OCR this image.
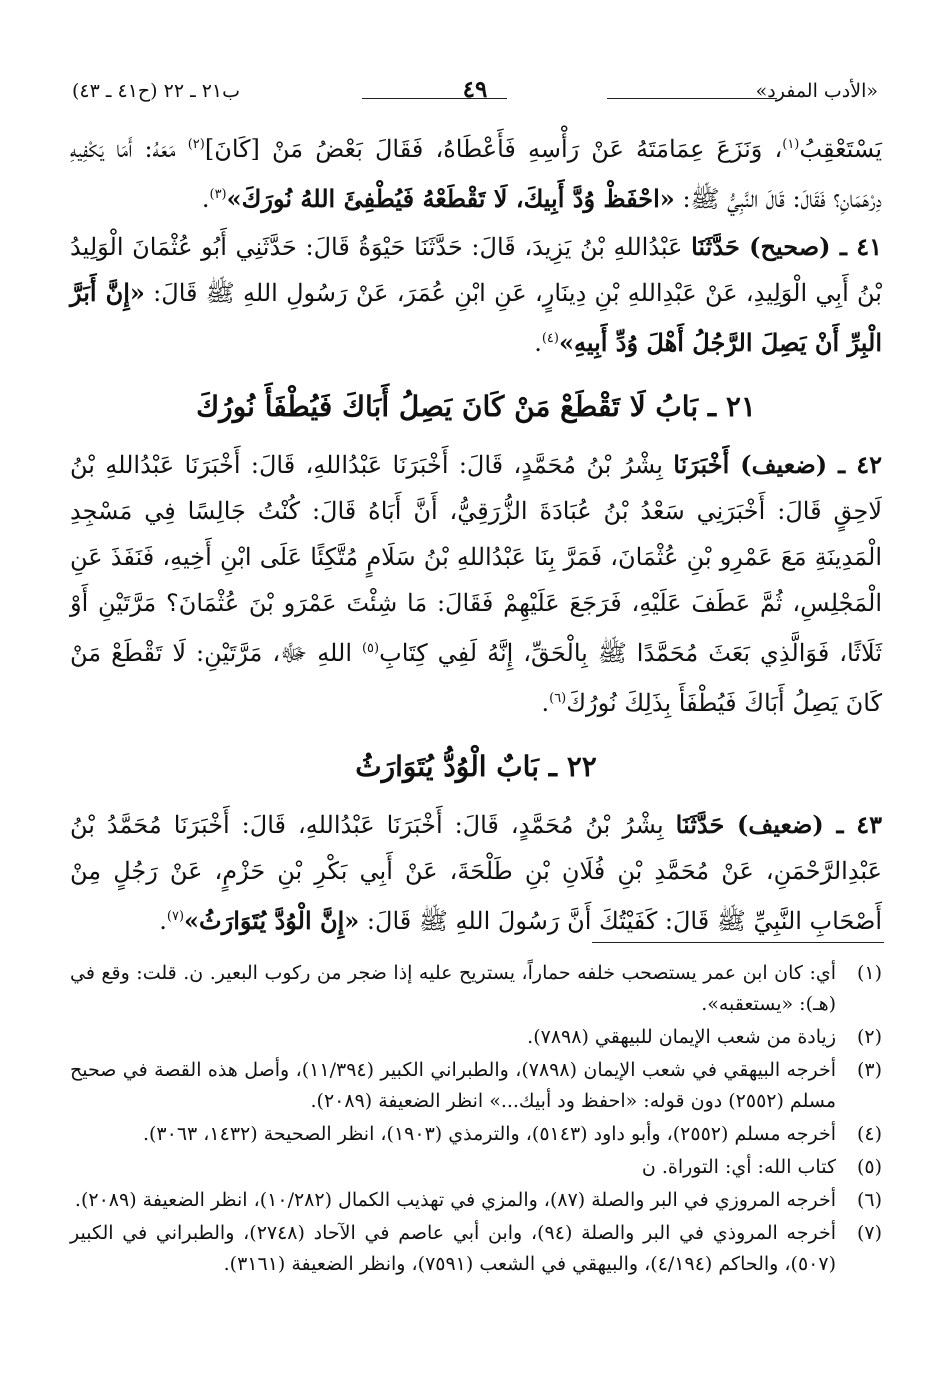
«الأدب المفرد»
٤٩
ب٢١ ـ ٢٢ (ح٤١ ـ ٤٣)

يَسْتَعْقِبُ$^{(١)}$، وَنَزَعَ عِمَامَتَهُ عَنْ رَأْسِهِ فَأَعْطَاهُ، فَقَالَ بَعْضُ مَنْ [كَانَ]$^{(٢)}$ مَعَهُ: أَمَا يَكْفِيهِ دِرْهَمَانِ؟ فَقَالَ: قَالَ النَّبِيُّ ﷺ: «احْفَظْ وُدَّ أَبِيكَ، لَا تَقْطَعْهُ فَيُطْفِئَ اللهُ نُورَكَ»$^{(٣)}$.

٤١ ـ (صحيح) حَدَّثَنَا عَبْدُاللهِ بْنُ يَزِيدَ، قَالَ: حَدَّثَنَا حَيْوَةُ قَالَ: حَدَّثَنِي أَبُو عُثْمَانَ الْوَلِيدُ بْنُ أَبِي الْوَلِيدِ، عَنْ عَبْدِاللهِ بْنِ دِينَارٍ، عَنِ ابْنِ عُمَرَ، عَنْ رَسُولِ اللهِ ﷺ قَالَ: «إِنَّ أَبَرَّ الْبِرِّ أَنْ يَصِلَ الرَّجُلُ أَهْلَ وُدِّ أَبِيهِ»$^{(٤)}$.

٢١ ـ بَابُ لَا تَقْطَعْ مَنْ كَانَ يَصِلُ أَبَاكَ فَيُطْفَأَ نُورُكَ

٤٢ ـ (ضعيف) أَخْبَرَنَا بِشْرُ بْنُ مُحَمَّدٍ، قَالَ: أَخْبَرَنَا عَبْدُاللهِ، قَالَ: أَخْبَرَنَا عَبْدُاللهِ بْنُ لَاحِقٍ قَالَ: أَخْبَرَنِي سَعْدُ بْنُ عُبَادَةَ الزُّرَقِيُّ، أَنَّ أَبَاهُ قَالَ: كُنْتُ جَالِسًا فِي مَسْجِدِ الْمَدِينَةِ مَعَ عَمْرِو بْنِ عُثْمَانَ، فَمَرَّ بِنَا عَبْدُاللهِ بْنُ سَلَامٍ مُتَّكِئًا عَلَى ابْنِ أَخِيهِ، فَنَفَذَ عَنِ الْمَجْلِسِ، ثُمَّ عَطَفَ عَلَيْهِ، فَرَجَعَ عَلَيْهِمْ فَقَالَ: مَا شِئْتَ عَمْرَو بْنَ عُثْمَانَ؟ مَرَّتَيْنِ أَوْ ثَلَاثًا، فَوَالَّذِي بَعَثَ مُحَمَّدًا ﷺ بِالْحَقِّ، إِنَّهُ لَفِي كِتَابِ$^{(٥)}$ اللهِ ﷻ، مَرَّتَيْنِ: لَا تَقْطَعْ مَنْ كَانَ يَصِلُ أَبَاكَ فَيُطْفَأَ بِذَلِكَ نُورُكَ$^{(٦)}$.

٢٢ ـ بَابٌ الْوُدُّ يُتَوَارَثُ

٤٣ ـ (ضعيف) حَدَّثَنَا بِشْرُ بْنُ مُحَمَّدٍ، قَالَ: أَخْبَرَنَا عَبْدُاللهِ، قَالَ: أَخْبَرَنَا مُحَمَّدُ بْنُ عَبْدِالرَّحْمَنِ، عَنْ مُحَمَّدِ بْنِ فُلَانِ بْنِ طَلْحَةَ، عَنْ أَبِي بَكْرِ بْنِ حَزْمٍ، عَنْ رَجُلٍ مِنْ أَصْحَابِ النَّبِيِّ ﷺ قَالَ: كَفَيْتُكَ أَنَّ رَسُولَ اللهِ ﷺ قَالَ: «إِنَّ الْوُدَّ يُتَوَارَثُ»$^{(٧)}$.

(١)
أي: كان ابن عمر يستصحب خلفه حماراً، يستريح عليه إذا ضجر من ركوب البعير. ن. قلت: وقع في (هـ): «يستعقبه».
(٢)
زيادة من شعب الإيمان للبيهقي (٧٨٩٨).
(٣)
أخرجه البيهقي في شعب الإيمان (٧٨٩٨)، والطبراني الكبير (١١/٣٩٤)، وأصل هذه القصة في صحيح مسلم (٢٥٥٢) دون قوله: «احفظ ود أبيك...» انظر الضعيفة (٢٠٨٩).
(٤)
أخرجه مسلم (٢٥٥٢)، وأبو داود (٥١٤٣)، والترمذي (١٩٠٣)، انظر الصحيحة (١٤٣٢، ٣٠٦٣).
(٥)
كتاب الله: أي: التوراة. ن
(٦)
أخرجه المروزي في البر والصلة (٨٧)، والمزي في تهذيب الكمال (١٠/٢٨٢)، انظر الضعيفة (٢٠٨٩).
(٧)
أخرجه المروذي في البر والصلة (٩٤)، وابن أبي عاصم في الآحاد (٢٧٤٨)، والطبراني في الكبير (٥٠٧)، والحاكم (٤/١٩٤)، والبيهقي في الشعب (٧٥٩١)، وانظر الضعيفة (٣١٦١).
